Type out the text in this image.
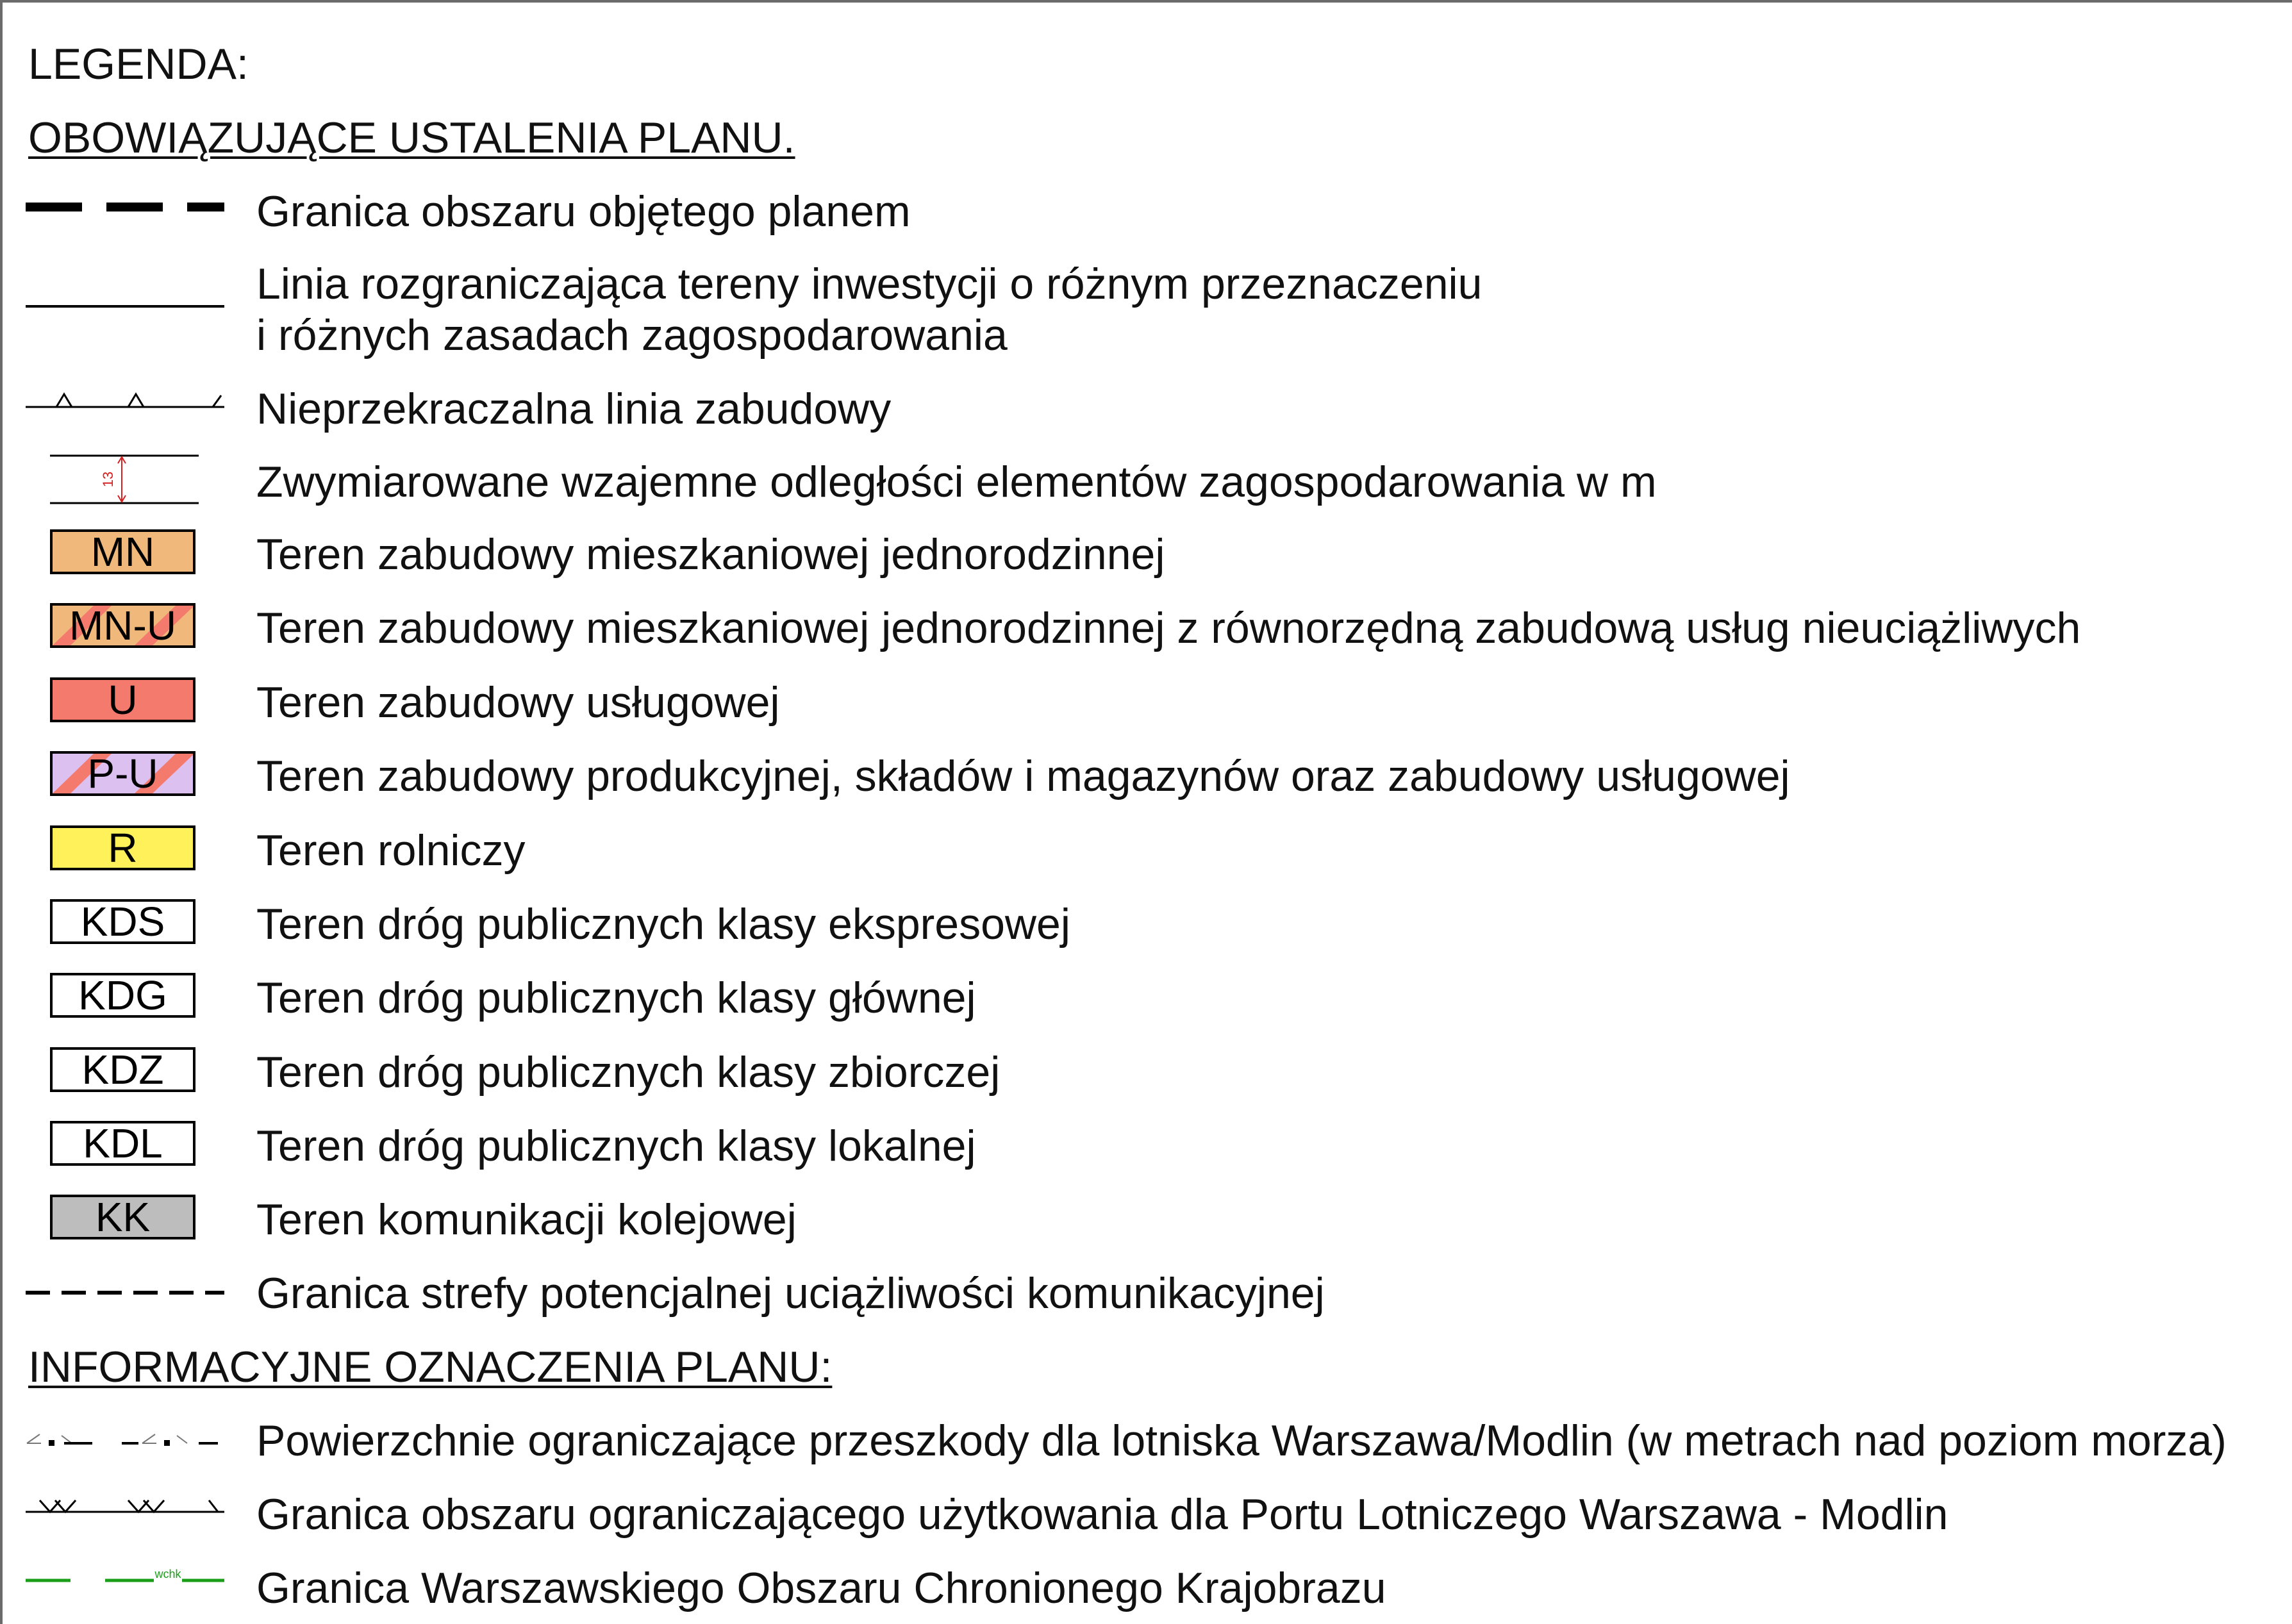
LEGENDA:
OBOWIĄZUJĄCE USTALENIA PLANU.
Granica obszaru objętego planem
Linia rozgraniczająca tereny inwestycji o różnym przeznaczeniu
i różnych zasadach zagospodarowania
Nieprzekraczalna linia zabudowy
13	Zwymiarowane wzajemne odległości elementów zagospodarowania w m
MN	Teren zabudowy mieszkaniowej jednorodzinnej
MN-U	Teren zabudowy mieszkaniowej jednorodzinnej z równorzędną zabudową usług nieuciążliwych
U	Teren zabudowy usługowej
P-U	Teren zabudowy produkcyjnej, składów i magazynów oraz zabudowy usługowej
R	Teren rolniczy
KDS	Teren dróg publicznych klasy ekspresowej
KDG	Teren dróg publicznych klasy głównej
KDZ	Teren dróg publicznych klasy zbiorczej
KDL	Teren dróg publicznych klasy lokalnej
KK	Teren komunikacji kolejowej
Granica strefy potencjalnej uciążliwości komunikacyjnej
INFORMACYJNE OZNACZENIA PLANU:
Powierzchnie ograniczające przeszkody dla lotniska Warszawa/Modlin (w metrach nad poziom morza)
Granica obszaru ograniczającego użytkowania dla Portu Lotniczego Warszawa - Modlin
wchk Granica Warszawskiego Obszaru Chronionego Krajobrazu
